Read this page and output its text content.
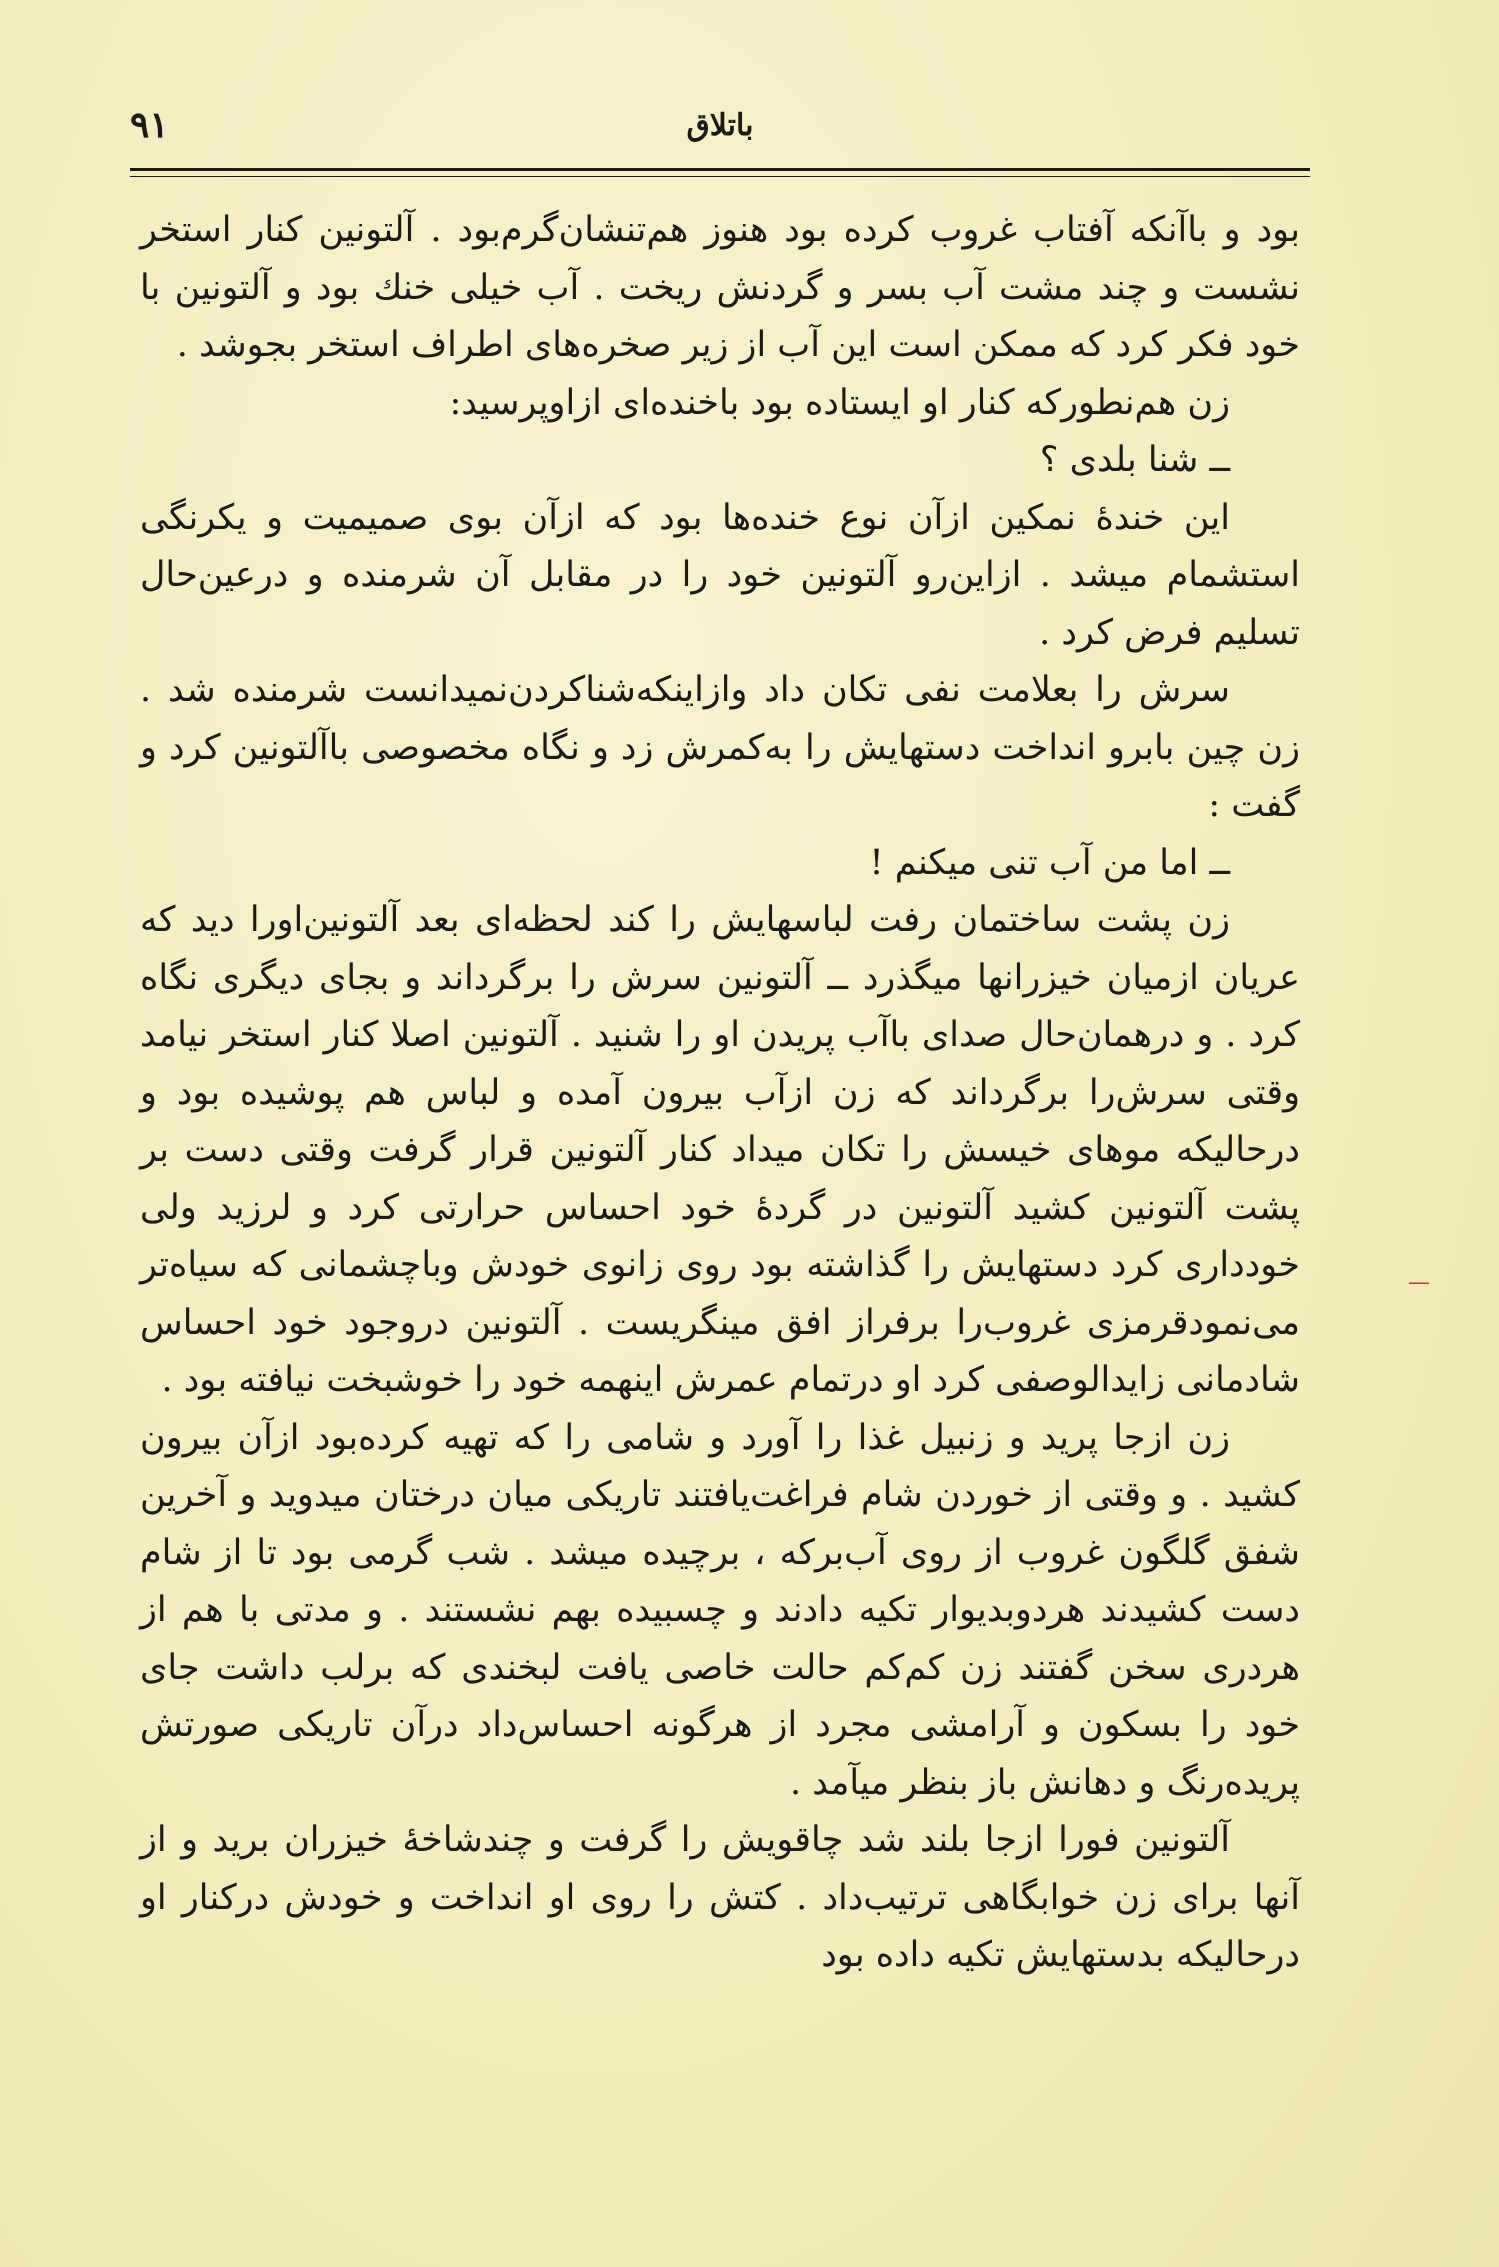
باتلاق
۹۱

بود و باآنکه آفتاب غروب کرده بود هنوز هم‌تنشان‌گرم‌بود . آلتونین کنار استخر نشست و چند مشت آب بسر و گردنش ریخت . آب خیلی خنك بود و آلتونین با خود فکر کرد که ممکن است این آب از زیر صخره‌های اطراف استخر بجوشد .

زن هم‌نطورکه کنار او ایستاده بود باخنده‌ای ازاوپرسید:

ــ شنا بلدی ؟

این خندهٔ نمکین ازآن نوع خنده‌ها بود که ازآن بوی صمیمیت و یکرنگی استشمام میشد . ازاین‌رو آلتونین خود را در مقابل آن شرمنده و درعین‌حال تسلیم فرض کرد .

سرش را بعلامت نفی تکان داد وازاینکه‌شناکردن‌نمیدانست شرمنده شد . زن چین بابرو انداخت دستهایش را به‌کمرش زد و نگاه مخصوصی باآلتونین کرد و گفت :

ــ اما من آب تنی میکنم !

زن پشت ساختمان رفت لباسهایش را کند لحظه‌ای بعد آلتونین‌اورا دید که عریان ازمیان خیزرانها میگذرد ــ آلتونین سرش را برگرداند و بجای دیگری نگاه کرد . و درهمان‌حال صدای باآب پریدن او را شنید . آلتونین اصلا کنار استخر نیامد وقتی سرش‌را برگرداند که زن ازآب بیرون آمده و لباس هم پوشیده بود و درحالیکه موهای خیسش را تکان میداد کنار آلتونین قرار گرفت وقتی دست بر پشت آلتونین کشید آلتونین در گردهٔ خود احساس حرارتی کرد و لرزید ولی خودداری کرد دستهایش را گذاشته بود روی زانوی خودش وباچشمانی که سیاه‌تر می‌نمودقرمزی غروب‌را برفراز افق مینگریست . آلتونین دروجود خود احساس شادمانی زایدالوصفی کرد او درتمام عمرش اینهمه خود را خوشبخت نیافته بود .

زن ازجا پرید و زنبیل غذا را آورد و شامی را که تهیه کرده‌بود ازآن بیرون کشید . و وقتی از خوردن شام فراغت‌یافتند تاریکی میان درختان میدوید و آخرین شفق گلگون غروب از روی آب‌برکه ، برچیده میشد . شب گرمی بود تا از شام دست کشیدند هردوبدیوار تکیه دادند و چسبیده بهم نشستند . و مدتی با هم از هردری سخن گفتند زن کم‌کم حالت خاصی یافت لبخندی که برلب داشت جای خود را بسکون و آرامشی مجرد از هرگونه احساس‌داد درآن تاریکی صورتش پریده‌رنگ و دهانش باز بنظر میآمد .

آلتونین فورا ازجا بلند شد چاقویش را گرفت و چندشاخهٔ خیزران برید و از آنها برای زن خوابگاهی ترتیب‌داد . کتش را روی او انداخت و خودش درکنار او درحالیکه بدستهایش تکیه داده بود

—
